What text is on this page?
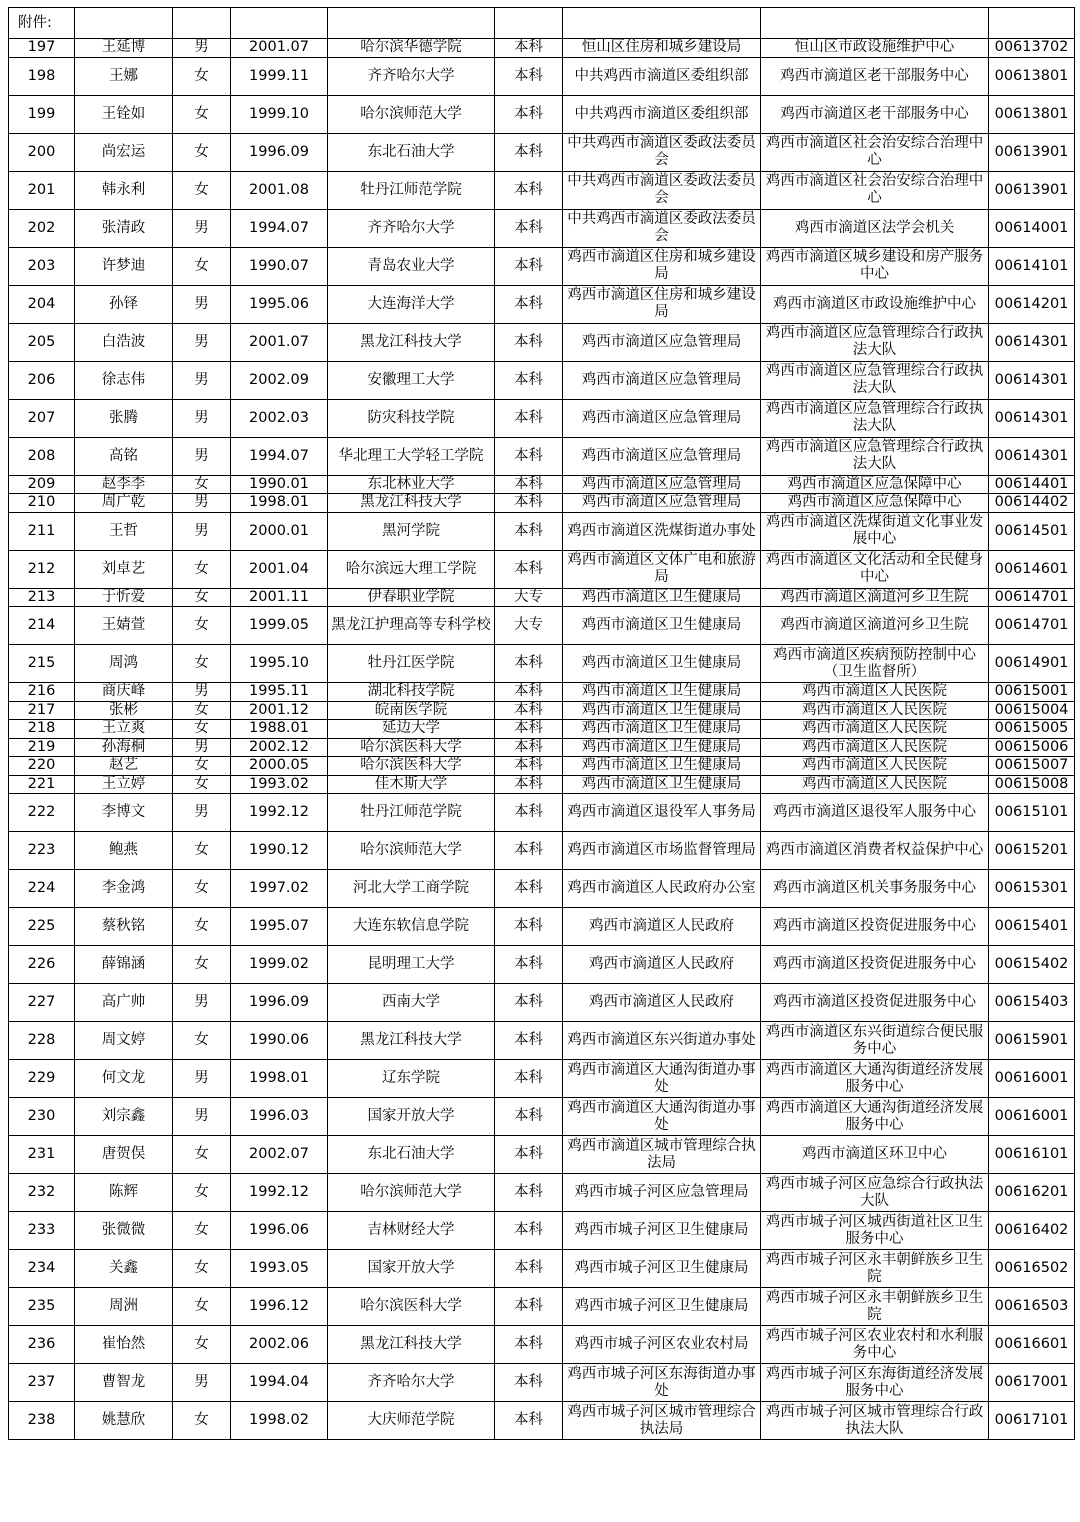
附件:								
197	王延博	男	2001.07	哈尔滨华德学院	本科	恒山区住房和城乡建设局	恒山区市政设施维护中心	00613702
198	王娜	女	1999.11	齐齐哈尔大学	本科	中共鸡西市滴道区委组织部	鸡西市滴道区老干部服务中心	00613801
199	王铨如	女	1999.10	哈尔滨师范大学	本科	中共鸡西市滴道区委组织部	鸡西市滴道区老干部服务中心	00613801
200	尚宏运	女	1996.09	东北石油大学	本科	中共鸡西市滴道区委政法委员会	鸡西市滴道区社会治安综合治理中心	00613901
201	韩永利	女	2001.08	牡丹江师范学院	本科	中共鸡西市滴道区委政法委员会	鸡西市滴道区社会治安综合治理中心	00613901
202	张清政	男	1994.07	齐齐哈尔大学	本科	中共鸡西市滴道区委政法委员会	鸡西市滴道区法学会机关	00614001
203	许梦迪	女	1990.07	青岛农业大学	本科	鸡西市滴道区住房和城乡建设局	鸡西市滴道区城乡建设和房产服务中心	00614101
204	孙铎	男	1995.06	大连海洋大学	本科	鸡西市滴道区住房和城乡建设局	鸡西市滴道区市政设施维护中心	00614201
205	白浩波	男	2001.07	黑龙江科技大学	本科	鸡西市滴道区应急管理局	鸡西市滴道区应急管理综合行政执法大队	00614301
206	徐志伟	男	2002.09	安徽理工大学	本科	鸡西市滴道区应急管理局	鸡西市滴道区应急管理综合行政执法大队	00614301
207	张腾	男	2002.03	防灾科技学院	本科	鸡西市滴道区应急管理局	鸡西市滴道区应急管理综合行政执法大队	00614301
208	高铭	男	1994.07	华北理工大学轻工学院	本科	鸡西市滴道区应急管理局	鸡西市滴道区应急管理综合行政执法大队	00614301
209	赵李李	女	1990.01	东北林业大学	本科	鸡西市滴道区应急管理局	鸡西市滴道区应急保障中心	00614401
210	周广乾	男	1998.01	黑龙江科技大学	本科	鸡西市滴道区应急管理局	鸡西市滴道区应急保障中心	00614402
211	王哲	男	2000.01	黑河学院	本科	鸡西市滴道区洗煤街道办事处	鸡西市滴道区洗煤街道文化事业发展中心	00614501
212	刘卓艺	女	2001.04	哈尔滨远大理工学院	本科	鸡西市滴道区文体广电和旅游局	鸡西市滴道区文化活动和全民健身中心	00614601
213	于忻爱	女	2001.11	伊春职业学院	大专	鸡西市滴道区卫生健康局	鸡西市滴道区滴道河乡卫生院	00614701
214	王婧萱	女	1999.05	黑龙江护理高等专科学校	大专	鸡西市滴道区卫生健康局	鸡西市滴道区滴道河乡卫生院	00614701
215	周鸿	女	1995.10	牡丹江医学院	本科	鸡西市滴道区卫生健康局	鸡西市滴道区疾病预防控制中心（卫生监督所）	00614901
216	商庆峰	男	1995.11	湖北科技学院	本科	鸡西市滴道区卫生健康局	鸡西市滴道区人民医院	00615001
217	张彬	女	2001.12	皖南医学院	本科	鸡西市滴道区卫生健康局	鸡西市滴道区人民医院	00615004
218	王立爽	女	1988.01	延边大学	本科	鸡西市滴道区卫生健康局	鸡西市滴道区人民医院	00615005
219	孙海桐	男	2002.12	哈尔滨医科大学	本科	鸡西市滴道区卫生健康局	鸡西市滴道区人民医院	00615006
220	赵艺	女	2000.05	哈尔滨医科大学	本科	鸡西市滴道区卫生健康局	鸡西市滴道区人民医院	00615007
221	王立婷	女	1993.02	佳木斯大学	本科	鸡西市滴道区卫生健康局	鸡西市滴道区人民医院	00615008
222	李博文	男	1992.12	牡丹江师范学院	本科	鸡西市滴道区退役军人事务局	鸡西市滴道区退役军人服务中心	00615101
223	鲍燕	女	1990.12	哈尔滨师范大学	本科	鸡西市滴道区市场监督管理局	鸡西市滴道区消费者权益保护中心	00615201
224	李金鸿	女	1997.02	河北大学工商学院	本科	鸡西市滴道区人民政府办公室	鸡西市滴道区机关事务服务中心	00615301
225	蔡秋铭	女	1995.07	大连东软信息学院	本科	鸡西市滴道区人民政府	鸡西市滴道区投资促进服务中心	00615401
226	薛锦涵	女	1999.02	昆明理工大学	本科	鸡西市滴道区人民政府	鸡西市滴道区投资促进服务中心	00615402
227	高广帅	男	1996.09	西南大学	本科	鸡西市滴道区人民政府	鸡西市滴道区投资促进服务中心	00615403
228	周文婷	女	1990.06	黑龙江科技大学	本科	鸡西市滴道区东兴街道办事处	鸡西市滴道区东兴街道综合便民服务中心	00615901
229	何文龙	男	1998.01	辽东学院	本科	鸡西市滴道区大通沟街道办事处	鸡西市滴道区大通沟街道经济发展服务中心	00616001
230	刘宗鑫	男	1996.03	国家开放大学	本科	鸡西市滴道区大通沟街道办事处	鸡西市滴道区大通沟街道经济发展服务中心	00616001
231	唐贺俣	女	2002.07	东北石油大学	本科	鸡西市滴道区城市管理综合执法局	鸡西市滴道区环卫中心	00616101
232	陈辉	女	1992.12	哈尔滨师范大学	本科	鸡西市城子河区应急管理局	鸡西市城子河区应急综合行政执法大队	00616201
233	张微微	女	1996.06	吉林财经大学	本科	鸡西市城子河区卫生健康局	鸡西市城子河区城西街道社区卫生服务中心	00616402
234	关鑫	女	1993.05	国家开放大学	本科	鸡西市城子河区卫生健康局	鸡西市城子河区永丰朝鲜族乡卫生院	00616502
235	周洲	女	1996.12	哈尔滨医科大学	本科	鸡西市城子河区卫生健康局	鸡西市城子河区永丰朝鲜族乡卫生院	00616503
236	崔怡然	女	2002.06	黑龙江科技大学	本科	鸡西市城子河区农业农村局	鸡西市城子河区农业农村和水利服务中心	00616601
237	曹智龙	男	1994.04	齐齐哈尔大学	本科	鸡西市城子河区东海街道办事处	鸡西市城子河区东海街道经济发展服务中心	00617001
238	姚慧欣	女	1998.02	大庆师范学院	本科	鸡西市城子河区城市管理综合执法局	鸡西市城子河区城市管理综合行政执法大队	00617101
